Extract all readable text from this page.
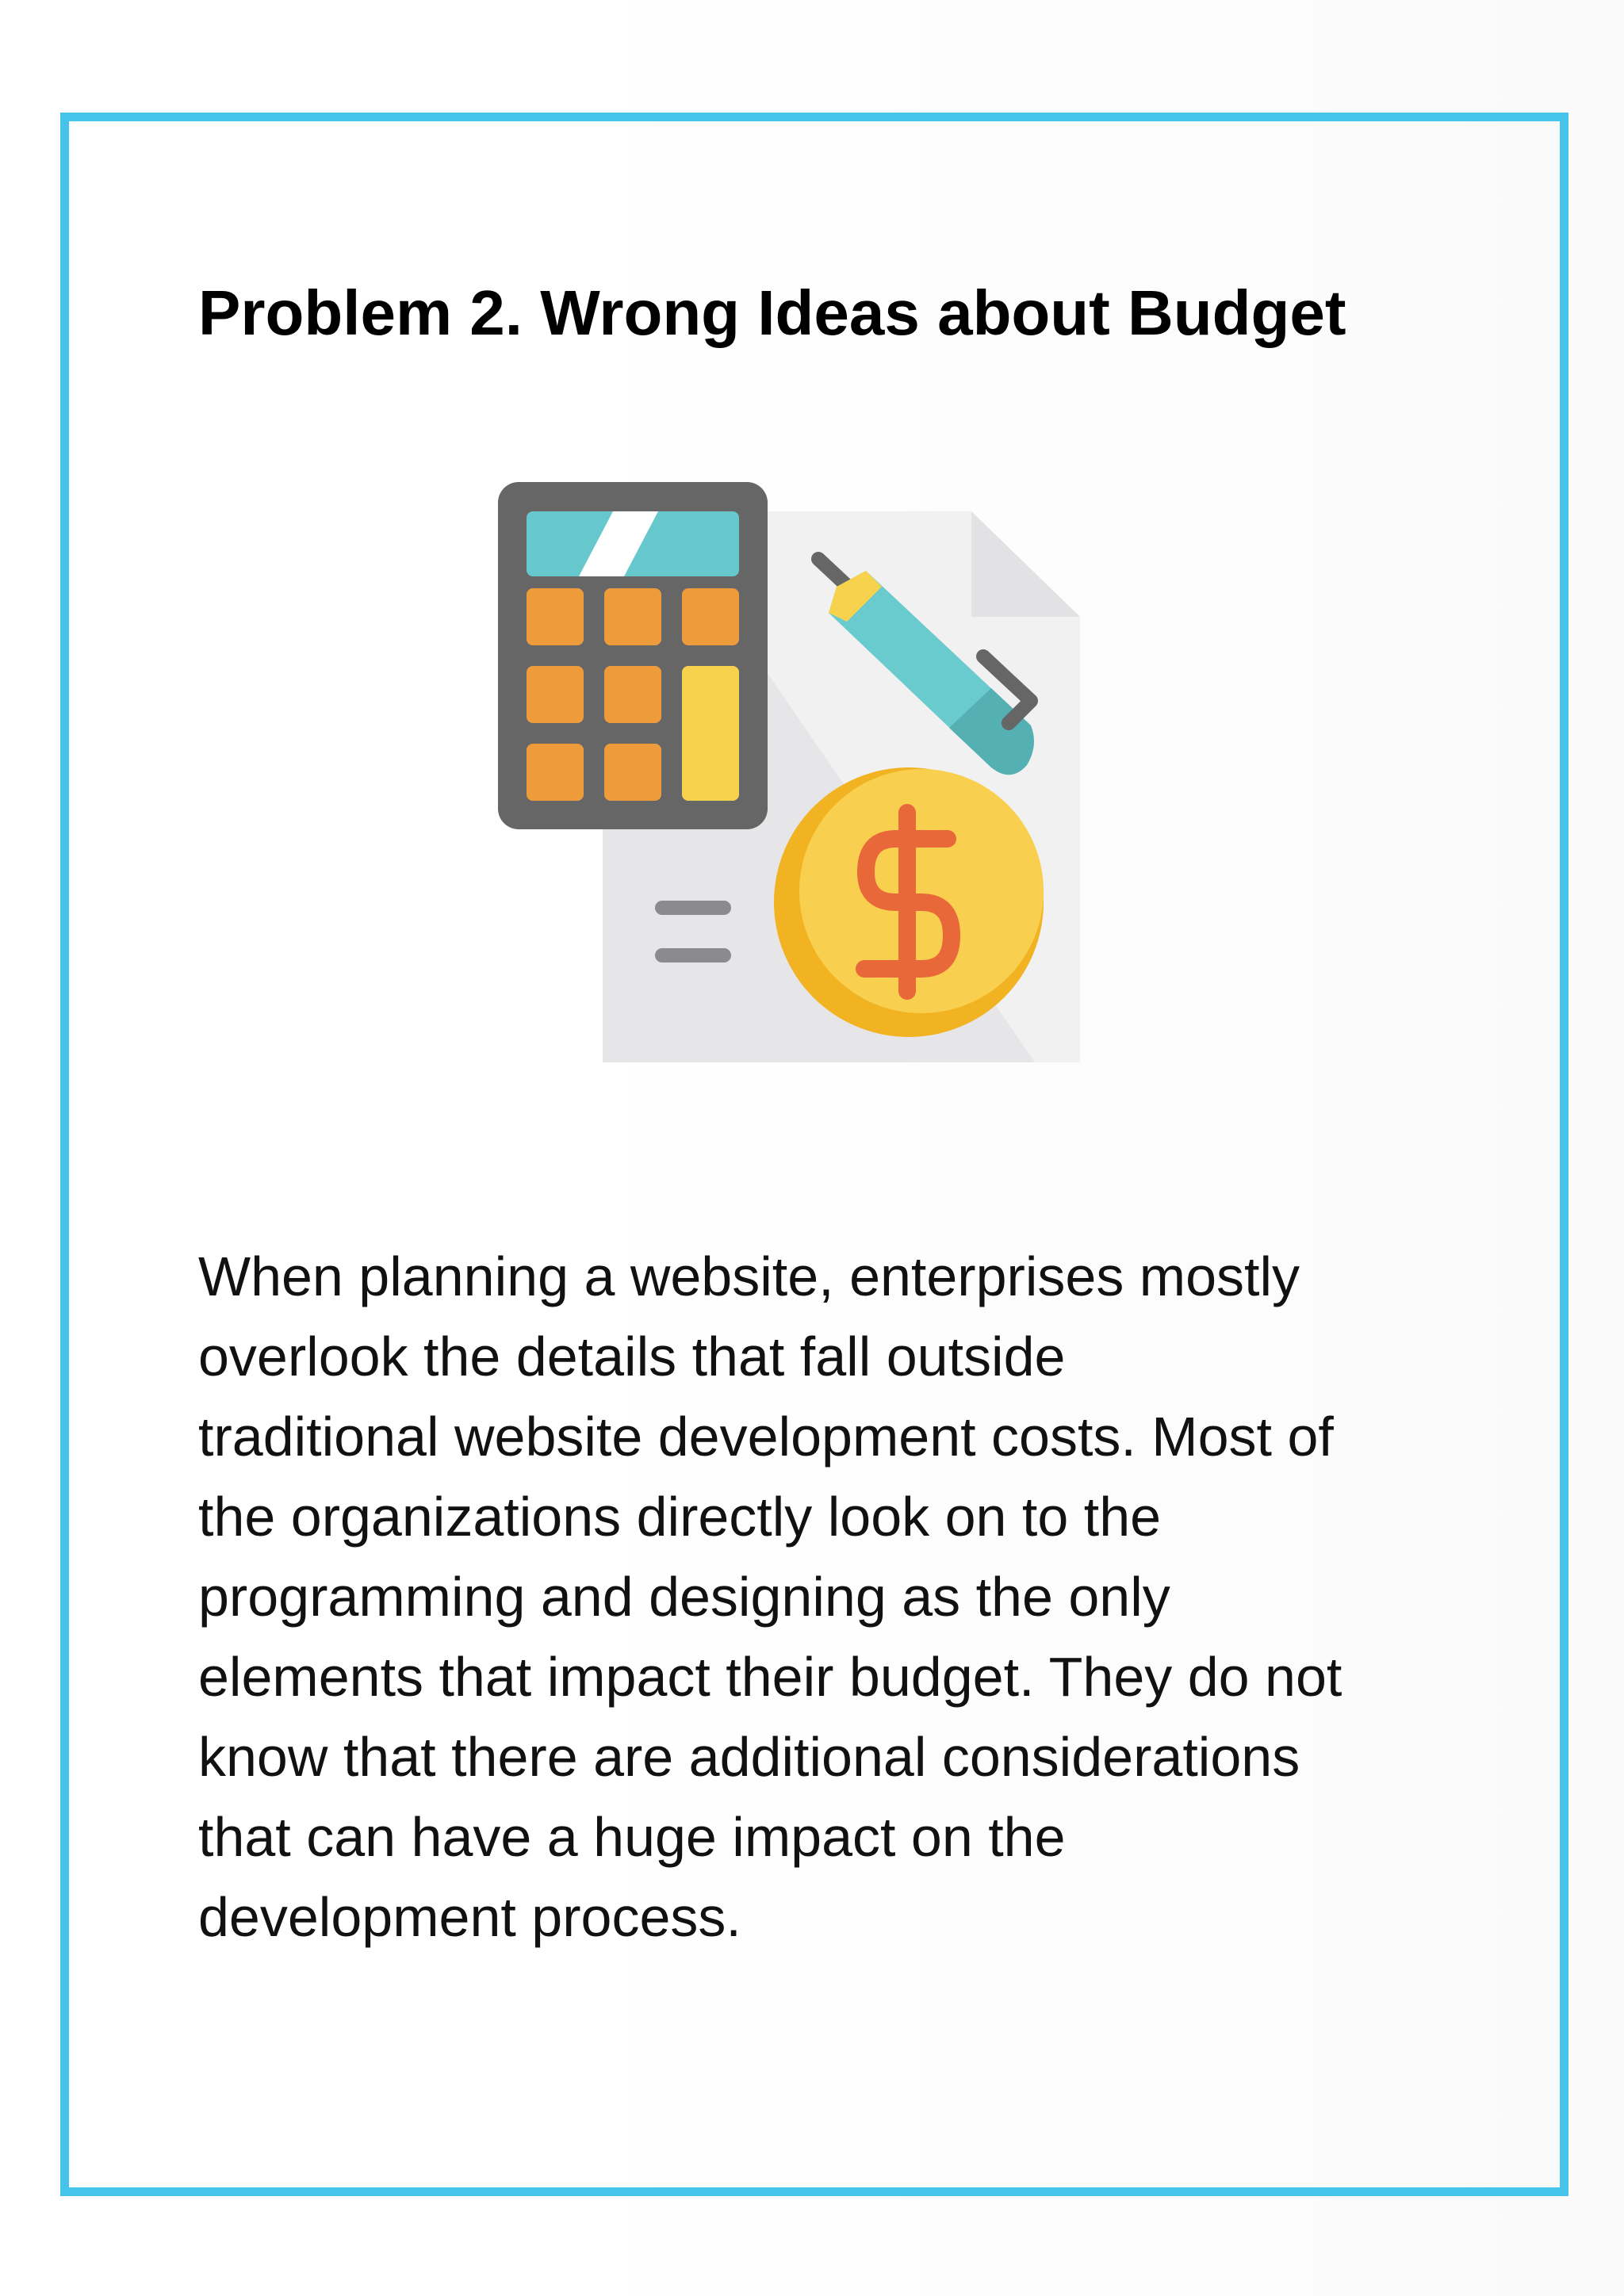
Problem 2. Wrong Ideas about Budget

When planning a website, enterprises mostly
overlook the details that fall outside
traditional website development costs. Most of
the organizations directly look on to the
programming and designing as the only
elements that impact their budget. They do not
know that there are additional considerations
that can have a huge impact on the
development process.
